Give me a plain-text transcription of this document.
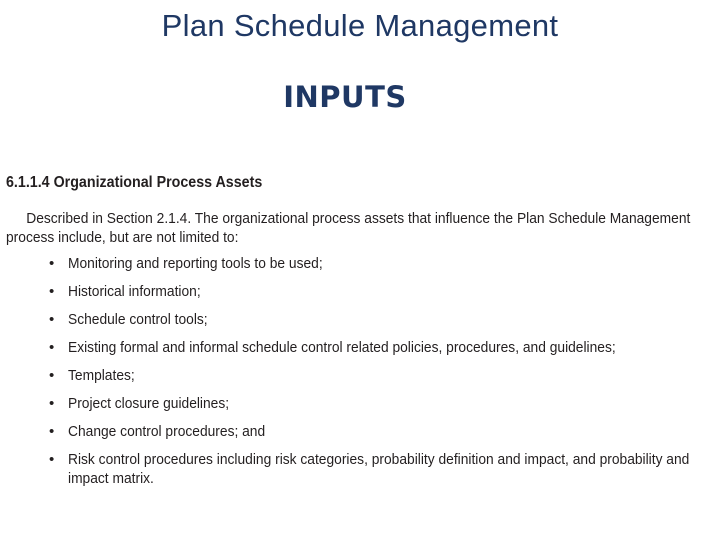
Plan Schedule Management
INPUTS
6.1.1.4 Organizational Process Assets
Described in Section 2.1.4. The organizational process assets that influence the Plan Schedule Management process include, but are not limited to:
• Monitoring and reporting tools to be used;
• Historical information;
• Schedule control tools;
• Existing formal and informal schedule control related policies, procedures, and guidelines;
• Templates;
• Project closure guidelines;
• Change control procedures; and
• Risk control procedures including risk categories, probability definition and impact, and probability and impact matrix.
